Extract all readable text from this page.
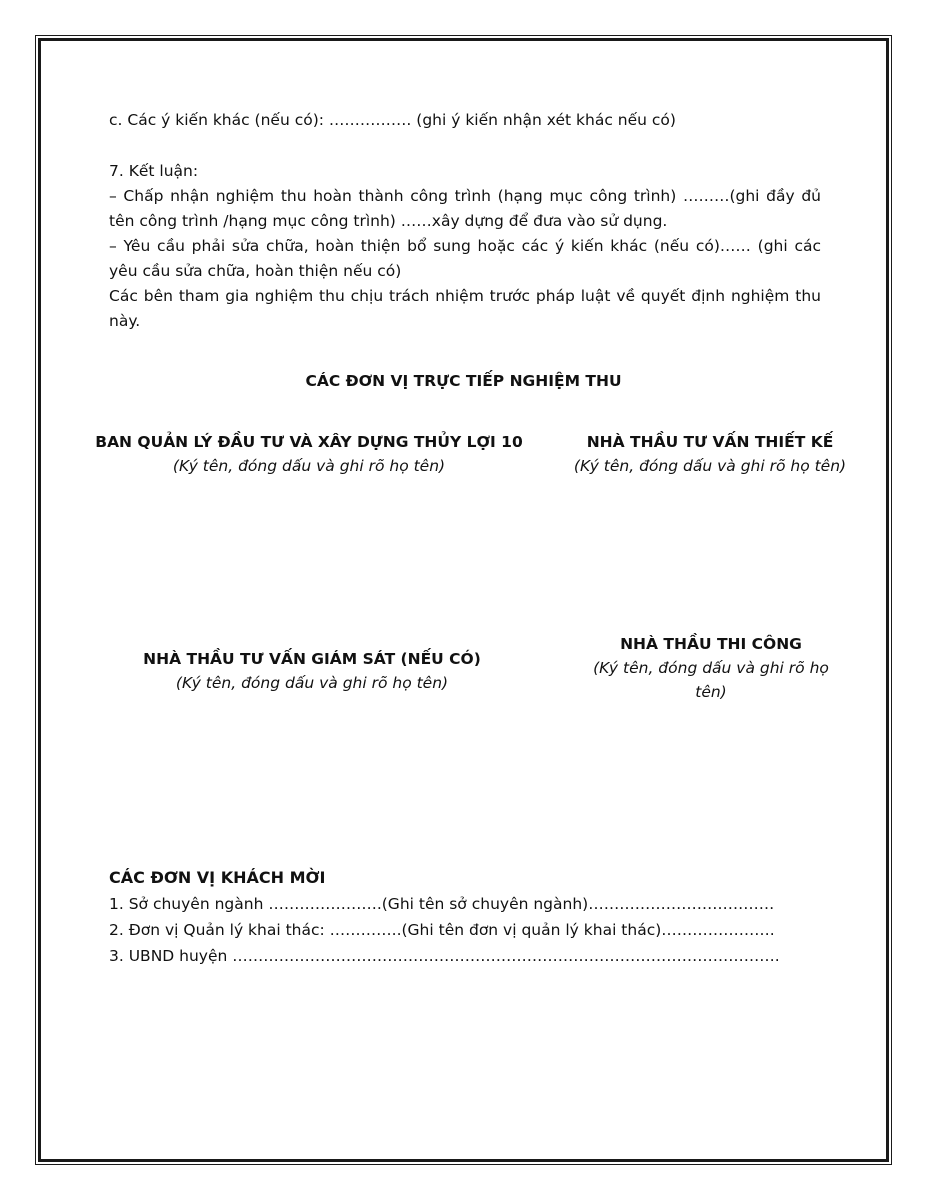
c. Các ý kiến khác (nếu có): ……………. (ghi ý kiến nhận xét khác nếu có)

7. Kết luận:

– Chấp nhận nghiệm thu hoàn thành công trình (hạng mục công trình) ………(ghi đầy đủ tên công trình /hạng mục công trình) ……xây dựng để đưa vào sử dụng.

– Yêu cầu phải sửa chữa, hoàn thiện bổ sung hoặc các ý kiến khác (nếu có)…… (ghi các yêu cầu sửa chữa, hoàn thiện nếu có)

Các bên tham gia nghiệm thu chịu trách nhiệm trước pháp luật về quyết định nghiệm thu này.

CÁC ĐƠN VỊ TRỰC TIẾP NGHIỆM THU
BAN QUẢN LÝ ĐẦU TƯ VÀ XÂY DỰNG THỦY LỢI 10
(Ký tên, đóng dấu và ghi rõ họ tên)
NHÀ THẦU TƯ VẤN THIẾT KẾ
(Ký tên, đóng dấu và ghi rõ họ tên)
NHÀ THẦU TƯ VẤN GIÁM SÁT (NẾU CÓ)
(Ký tên, đóng dấu và ghi rõ họ tên)
NHÀ THẦU THI CÔNG
(Ký tên, đóng dấu và ghi rõ họ
tên)
CÁC ĐƠN VỊ KHÁCH MỜI
1. Sở chuyên ngành ………………….(Ghi tên sở chuyên ngành)………………………………
2. Đơn vị Quản lý khai thác: …………..(Ghi tên đơn vị quản lý khai thác)………………….
3. UBND huyện …………………………………………………………………………………………….
